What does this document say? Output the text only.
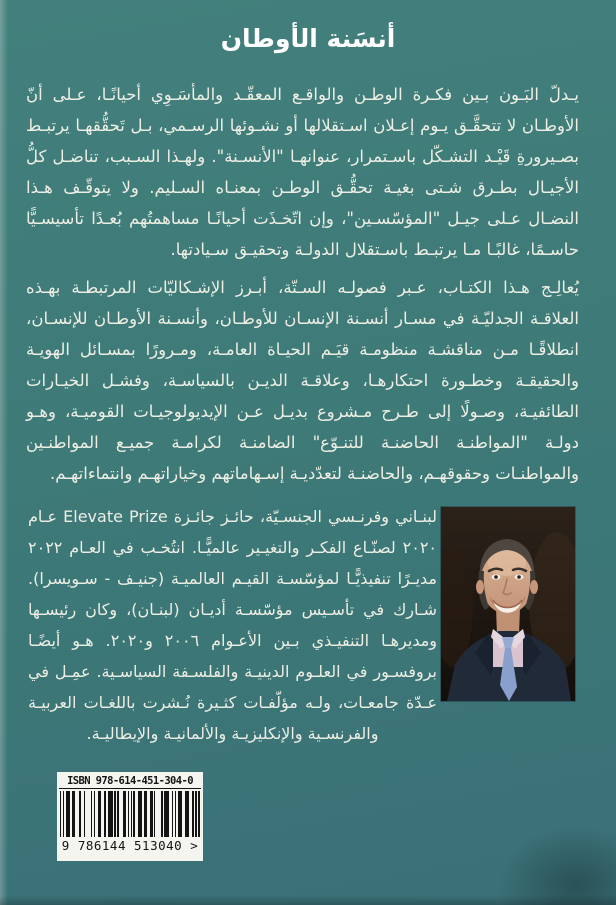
أنسَنة الأوطان

يـدلّ البَـون بـين فكـرة الوطـن والواقـع المعقّـد والمأسَـوِي أحيانًـا، عـلى أنّ الأوطـان لا تتحقَّـق يـوم إعـلان اسـتقلالها أو نشـوئها الرسـمي، بـل تَحقُّقهـا يرتبـط بصـيرورةِ قَيْـد التشـكّل باسـتمرار، عنوانهـا "الأنسـنة". ولهـذا السـبب، تناضـل كلُّ الأجيـال بطـرق شـتى بغيـة تحقُّـق الوطـن بمعنـاه السـليم. ولا يتوقّـف هـذا النضـال عـلى جيـل "المؤسّسـين"، وإن اتّخـذَت أحيانًـا مساهمتُهم بُعـدًا تأسيسـيًّا حاسـمًا، غالبًـا مـا يرتبـط باسـتقلال الدولـة وتحقيـق سـيادتها.

يُعالِـج هـذا الكتـاب، عـبر فصولـه السـتّة، أبـرز الإشـكاليّات المرتبطـة بهـذه العلاقـة الجدليّـة في مسـار أنسـنة الإنسـان للأوطـان، وأنسـنة الأوطـان للإنسـان، انطلاقًـا مـن مناقشـة منظومـة قيَـم الحيـاة العامـة، ومـرورًا بمسـائل الهويـة والحقيقـة وخطـورة احتكارهـا، وعلاقـة الديـن بالسياسـة، وفشـل الخيـارات الطائفيـة، وصـولًا إلى طـرح مـشروع بديـل عـن الإيديولوجيـات القوميـة، وهـو دولـة "المواطنـة الحاضنـة للتنـوّع" الضامنـة لكرامـة جميـع المواطنـين والمواطنـات وحقوقهـم، والحاضنـة لتعدّديـة إسـهاماتهم وخياراتهـم وانتماءاتهـم.

لبنـاني وفرنـسي الجنسـيّة، حائـز جائـزة Elevate Prize عـام ٢٠٢٠ لصنّـاع الفكـر والتغيـير عالميًّـا. انتُخـب في العـام ٢٠٢٢ مديـرًا تنفيذيًّـا لمؤسّسـة القيـم العالميـة (جنيـف - سـويسرا). شـارك في تأسـيس مؤسّسـة أديـان (لبنـان)، وكان رئيسـها ومديرهـا التنفيـذي بـين الأعـوام ٢٠٠٦ و٢٠٢٠. هـو أيضًـا بروفسـور في العلـوم الدينيـة والفلسـفة السياسـية. عمِـل في عـدّة جامعـات، ولـه مؤلّفـات كثـيرة نُـشرت باللغـات العربيـة والفرنسـية والإنكليزيـة والألمانيـة والإيطاليـة.

ISBN 978-614-451-304-0
9 786144 513040 >
